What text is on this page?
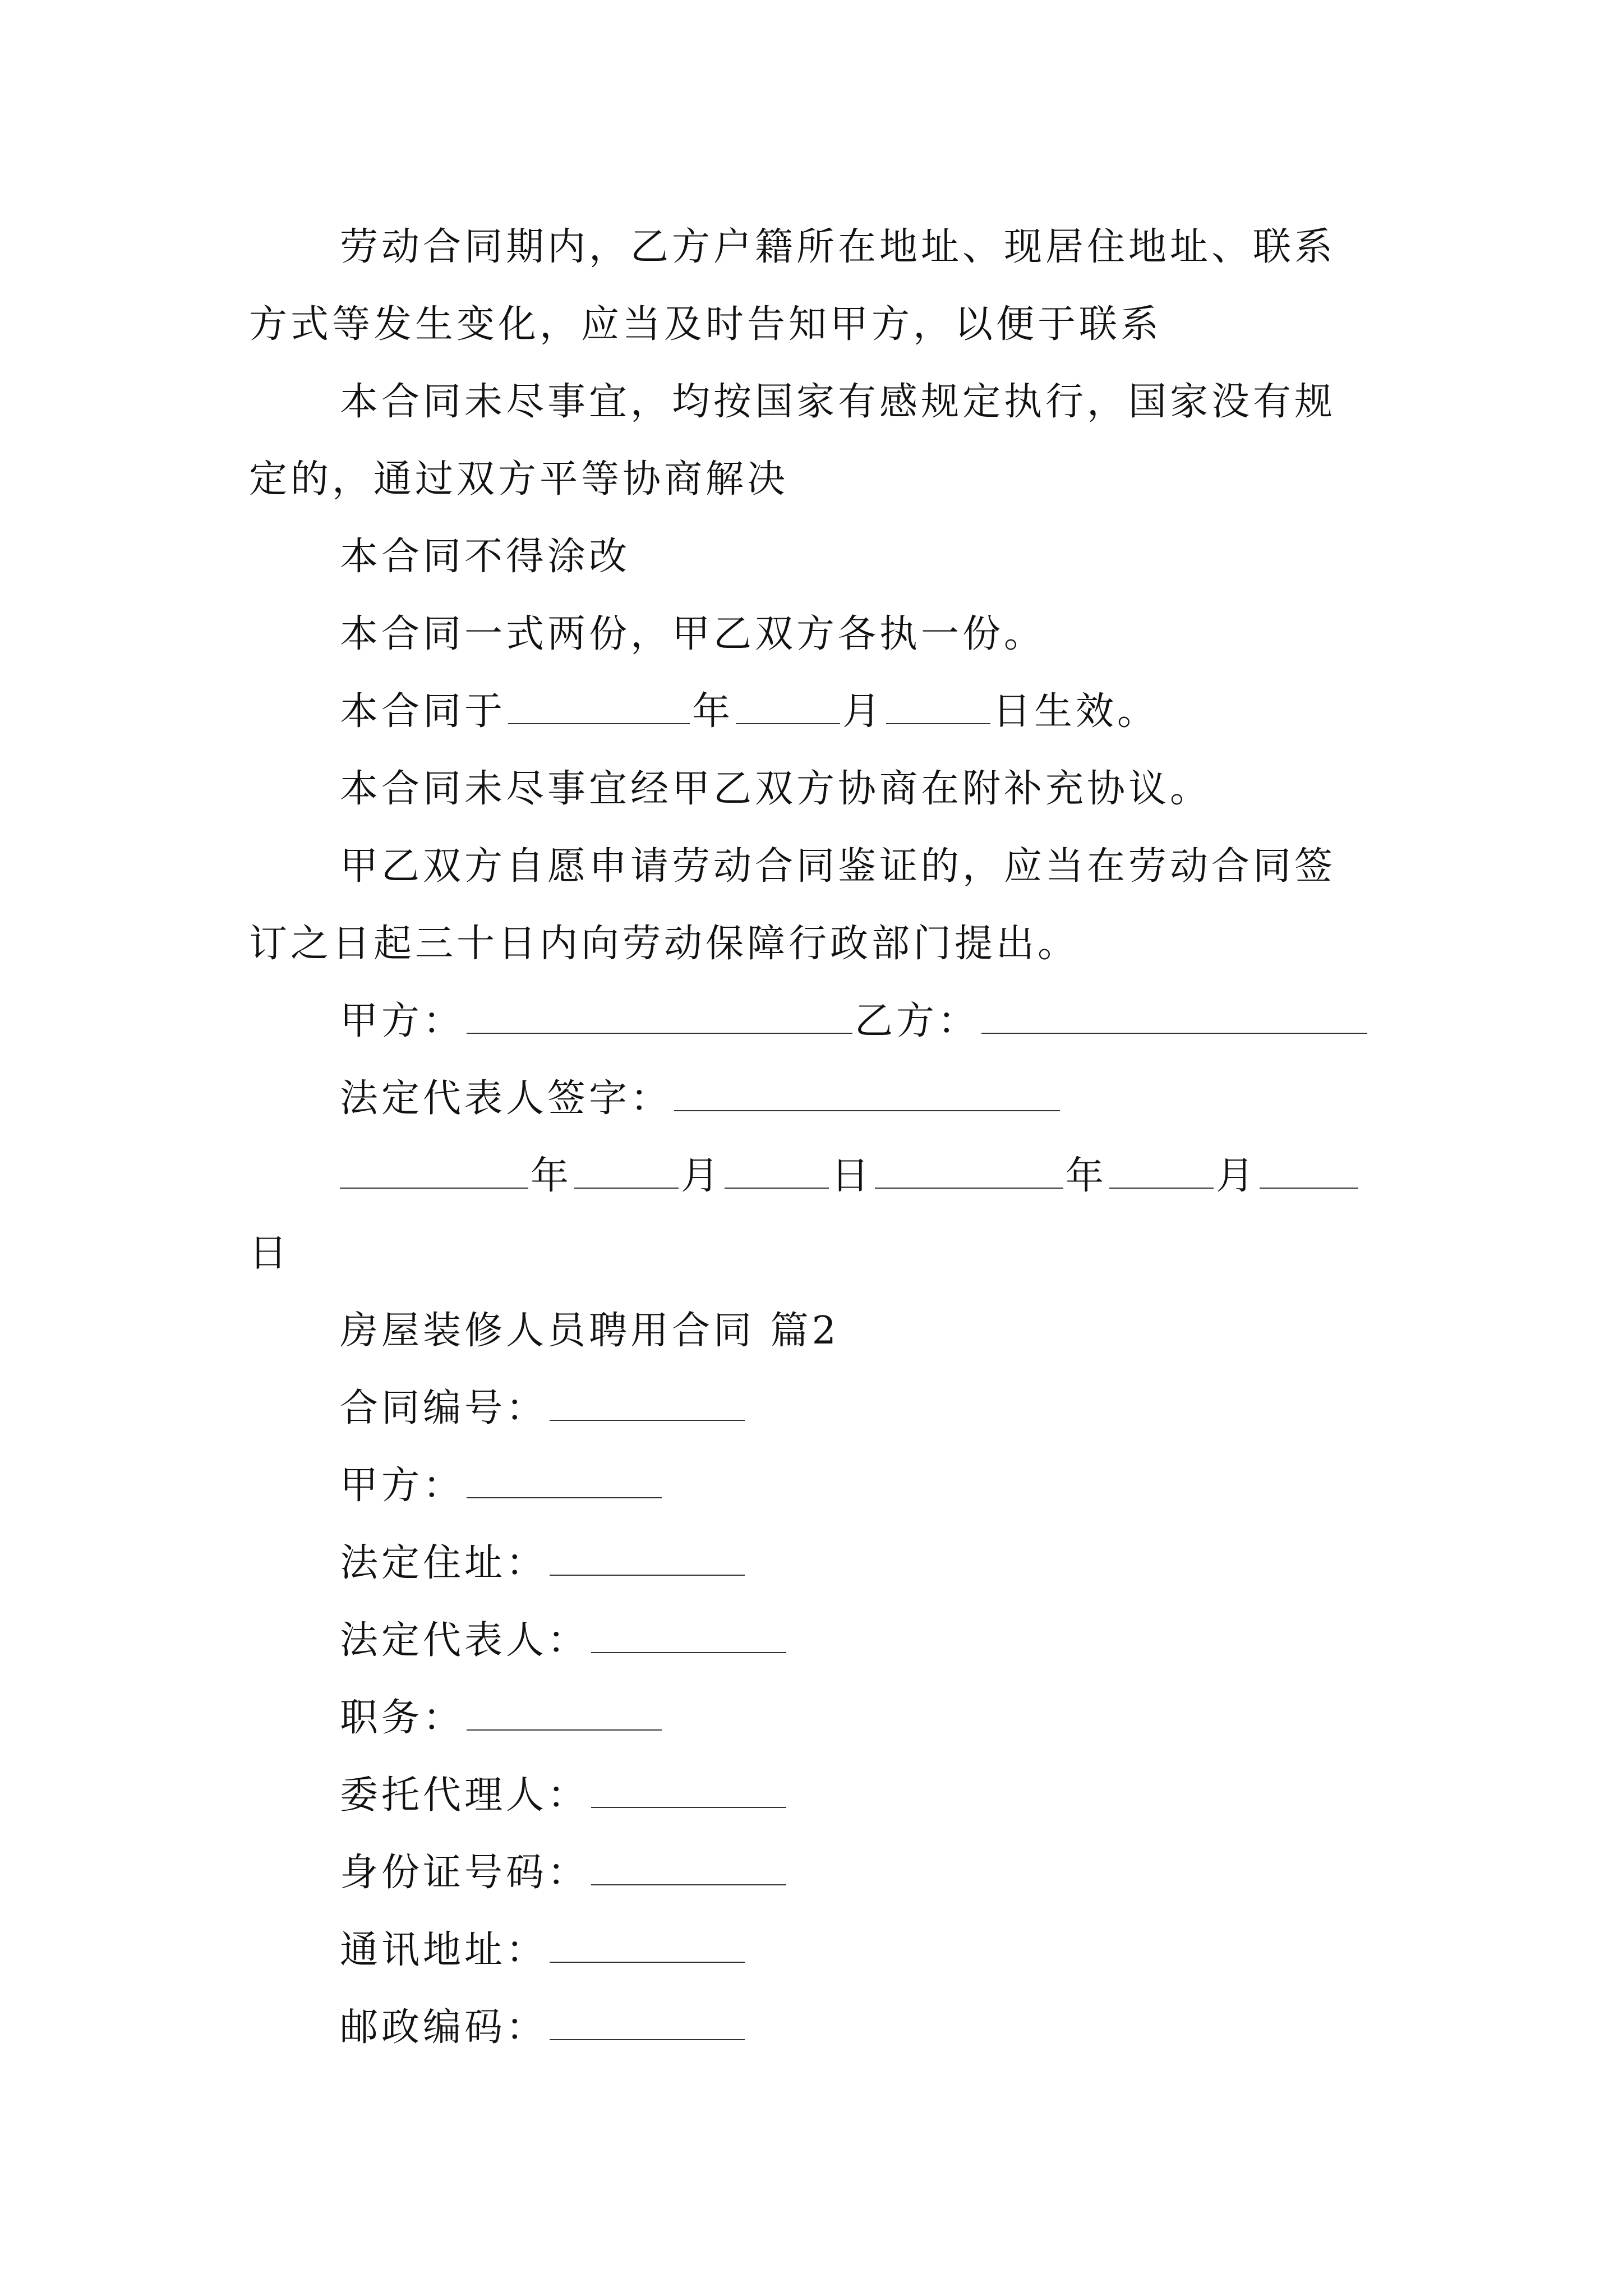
劳动合同期内，乙方户籍所在地址、现居住地址、联系
方式等发生变化，应当及时告知甲方，以便于联系
本合同未尽事宜，均按国家有感规定执行，国家没有规
定的，通过双方平等协商解决
本合同不得涂改
本合同一式两份，甲乙双方各执一份。
本合同于	年	月	日生效。
本合同未尽事宜经甲乙双方协商在附补充协议。
甲乙双方自愿申请劳动合同鉴证的，应当在劳动合同签
订之日起三十日内向劳动保障行政部门提出。
甲方：	乙方：
法定代表人签字：
年	月	日	年	月
日
房屋装修人员聘用合同 篇2
合同编号：
甲方：
法定住址：
法定代表人：
职务：
委托代理人：
身份证号码：
通讯地址：
邮政编码：
